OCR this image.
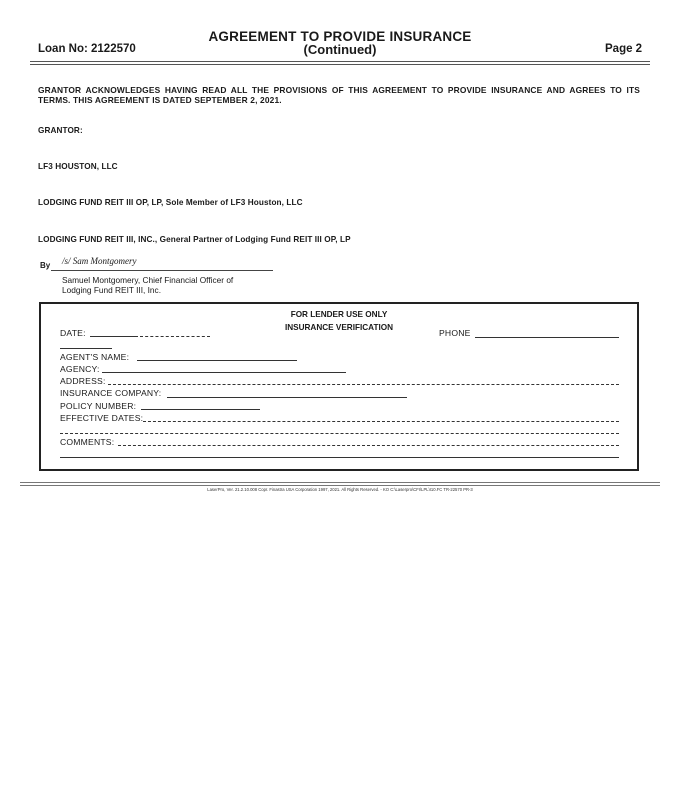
AGREEMENT TO PROVIDE INSURANCE
(Continued)
Loan No: 2122570	Page 2
GRANTOR ACKNOWLEDGES HAVING READ ALL THE PROVISIONS OF THIS AGREEMENT TO PROVIDE INSURANCE AND AGREES TO ITS TERMS. THIS AGREEMENT IS DATED SEPTEMBER 2, 2021.
GRANTOR:
LF3 HOUSTON, LLC
LODGING FUND REIT III OP, LP, Sole Member of LF3 Houston, LLC
LODGING FUND REIT III, INC., General Partner of Lodging Fund REIT III OP, LP
By /s/ Sam Montgomery
Samuel Montgomery, Chief Financial Officer of
Lodging Fund REIT III, Inc.
FOR LENDER USE ONLY
INSURANCE VERIFICATION
DATE:	PHONE
AGENT'S NAME:
AGENCY:
ADDRESS:
INSURANCE COMPANY:
POLICY NUMBER:
EFFECTIVE DATES:
COMMENTS:
LaserPro, Ver. 21.2.10.008 Copr. Finastra USA Corporation 1997, 2021. All Rights Reserved. - KO C:\Laserpro\CFI\LPL\I10.FC TR-22570 PR-3
